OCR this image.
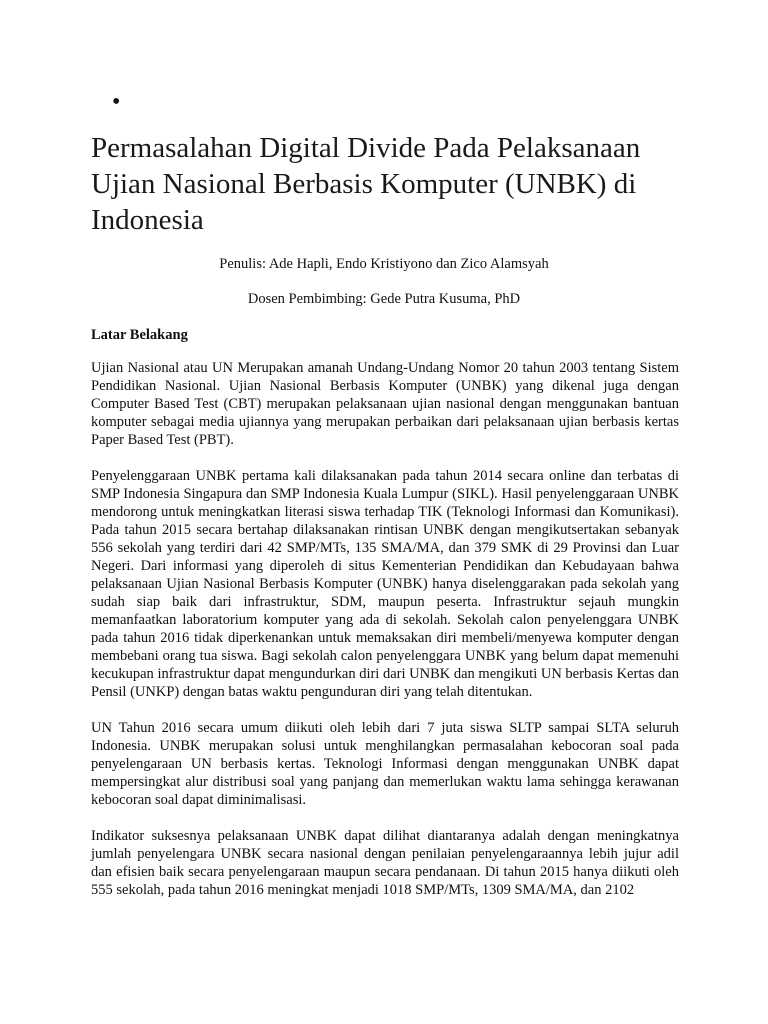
•
Permasalahan Digital Divide Pada Pelaksanaan Ujian Nasional Berbasis Komputer (UNBK) di Indonesia

Penulis: Ade Hapli, Endo Kristiyono dan Zico Alamsyah

Dosen Pembimbing: Gede Putra Kusuma, PhD

Latar Belakang

Ujian Nasional atau UN Merupakan amanah Undang-Undang Nomor 20 tahun 2003 tentang Sistem Pendidikan Nasional. Ujian Nasional Berbasis Komputer (UNBK) yang dikenal juga dengan Computer Based Test (CBT) merupakan pelaksanaan ujian nasional dengan menggunakan bantuan komputer sebagai media ujiannya yang merupakan perbaikan dari pelaksanaan ujian berbasis kertas Paper Based Test (PBT).

Penyelenggaraan UNBK pertama kali dilaksanakan pada tahun 2014 secara online dan terbatas di SMP Indonesia Singapura dan SMP Indonesia Kuala Lumpur (SIKL). Hasil penyelenggaraan UNBK mendorong untuk meningkatkan literasi siswa terhadap TIK (Teknologi Informasi dan Komunikasi). Pada tahun 2015 secara bertahap dilaksanakan rintisan UNBK dengan mengikutsertakan sebanyak 556 sekolah yang terdiri dari 42 SMP/MTs, 135 SMA/MA, dan 379 SMK di 29 Provinsi dan Luar Negeri. Dari informasi yang diperoleh di situs Kementerian Pendidikan dan Kebudayaan bahwa pelaksanaan Ujian Nasional Berbasis Komputer (UNBK) hanya diselenggarakan pada sekolah yang sudah siap baik dari infrastruktur, SDM, maupun peserta. Infrastruktur sejauh mungkin memanfaatkan laboratorium komputer yang ada di sekolah. Sekolah calon penyelenggara UNBK pada tahun 2016 tidak diperkenankan untuk memaksakan diri membeli/menyewa komputer dengan membebani orang tua siswa. Bagi sekolah calon penyelenggara UNBK yang belum dapat memenuhi kecukupan infrastruktur dapat mengundurkan diri dari UNBK dan mengikuti UN berbasis Kertas dan Pensil (UNKP) dengan batas waktu pengunduran diri yang telah ditentukan.

UN Tahun 2016 secara umum diikuti oleh lebih dari 7 juta siswa SLTP sampai SLTA seluruh Indonesia. UNBK merupakan solusi untuk menghilangkan permasalahan kebocoran soal pada penyelengaraan UN berbasis kertas. Teknologi Informasi dengan menggunakan UNBK dapat mempersingkat alur distribusi soal yang panjang dan memerlukan waktu lama sehingga kerawanan kebocoran soal dapat diminimalisasi.

Indikator suksesnya pelaksanaan UNBK dapat dilihat diantaranya adalah dengan meningkatnya jumlah penyelengara UNBK secara nasional dengan penilaian penyelengaraannya lebih jujur adil dan efisien baik secara penyelengaraan maupun secara pendanaan. Di tahun 2015 hanya diikuti oleh 555 sekolah, pada tahun 2016 meningkat menjadi 1018 SMP/MTs, 1309 SMA/MA, dan 2102
